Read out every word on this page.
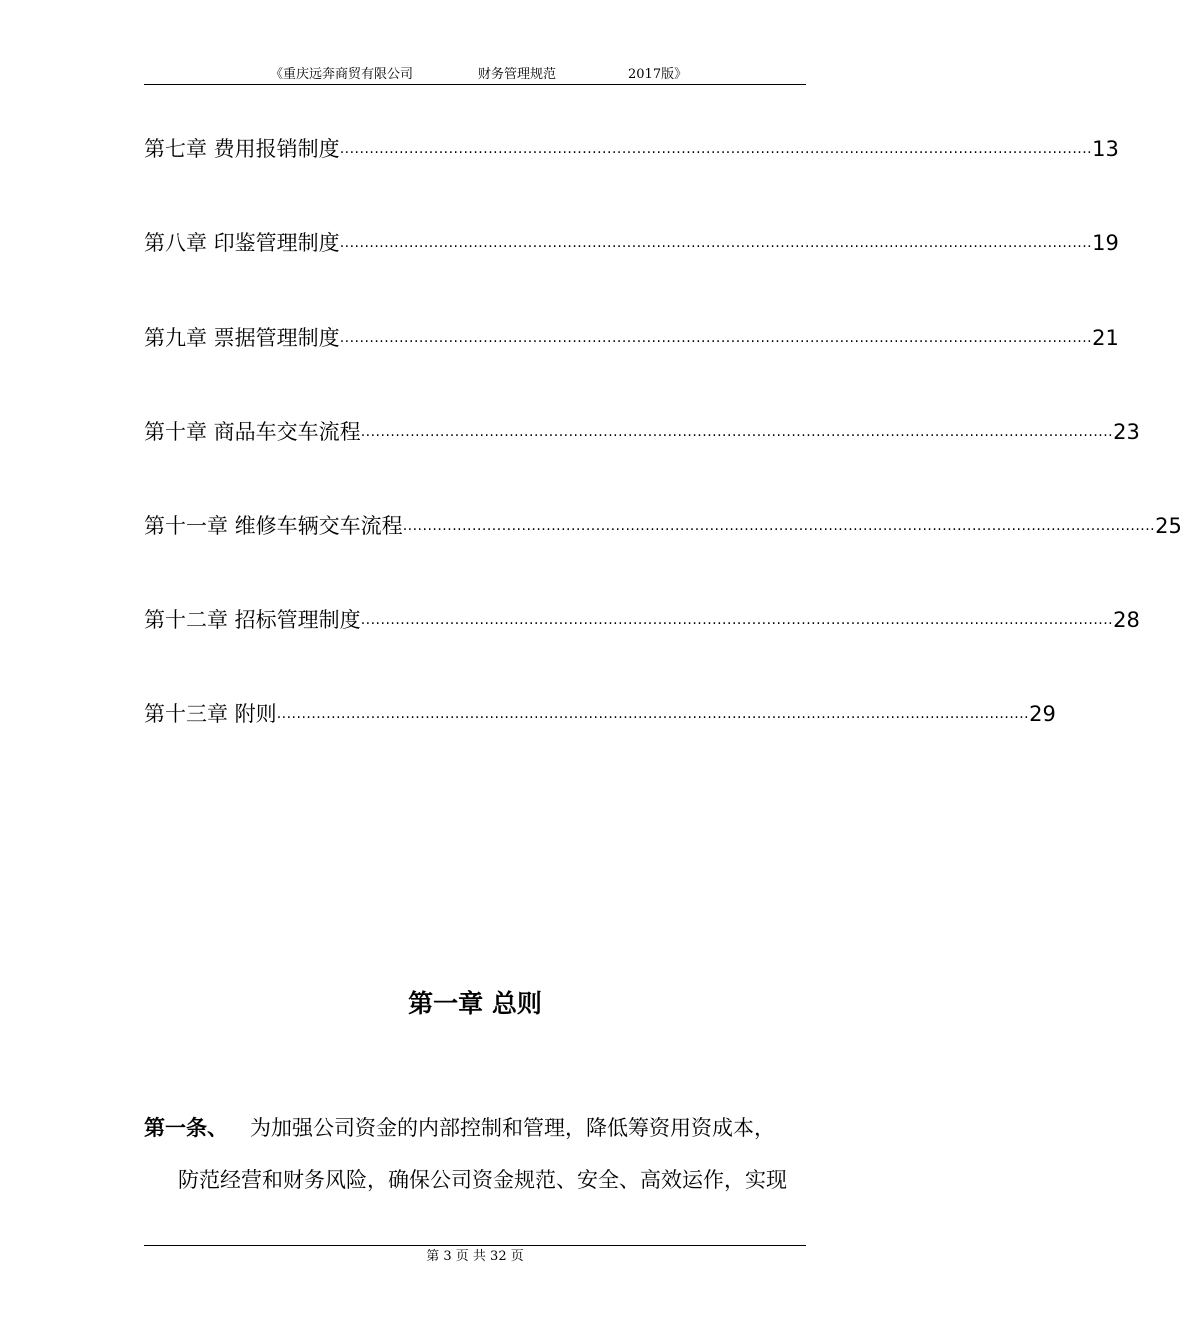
《重庆远奔商贸有限公司	财务管理规范	2017版》
第七章 费用报销制度 ........................................................................................................................................................ 13
第八章 印鉴管理制度 ........................................................................................................................................................ 19
第九章 票据管理制度 ........................................................................................................................................................ 21
第十章 商品车交车流程 ........................................................................................................................................................ 23
第十一章 维修车辆交车流程 ........................................................................................................................................................ 25
第十二章 招标管理制度 ........................................................................................................................................................ 28
第十三章 附则 ........................................................................................................................................................ 29
第一章 总则
第一条、 为加强公司资金的内部控制和管理，降低筹资用资成本，
防范经营和财务风险，确保公司资金规范、安全、高效运作，实现
第 3 页 共 32 页
